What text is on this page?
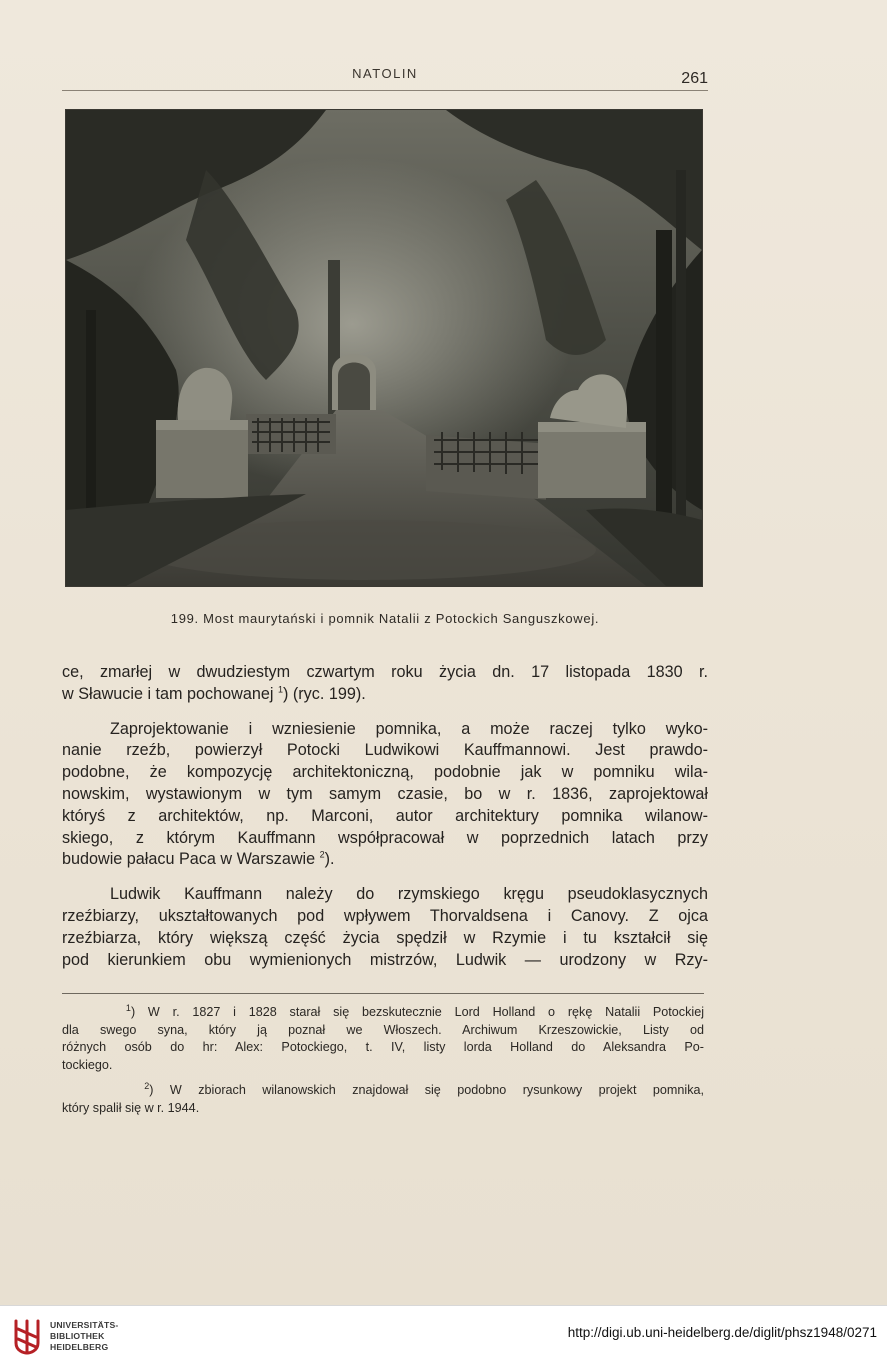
NATOLIN	261
199. Most maurytański i pomnik Natalii z Potockich Sanguszkowej.

ce, zmarłej w dwudziestym czwartym roku życia dn. 17 listopada 1830 r.

w Sławucie i tam pochowanej $^1$) (ryc. 199).

Zaprojektowanie i wzniesienie pomnika, a może raczej tylko wyko-

nanie rzeźb, powierzył Potocki Ludwikowi Kauffmannowi. Jest prawdo-

podobne, że kompozycję architektoniczną, podobnie jak w pomniku wila-

nowskim, wystawionym w tym samym czasie, bo w r. 1836, zaprojektował

któryś z architektów, np. Marconi, autor architektury pomnika wilanow-

skiego, z którym Kauffmann współpracował w poprzednich latach przy

budowie pałacu Paca w Warszawie $^2$).

Ludwik Kauffmann należy do rzymskiego kręgu pseudoklasycznych

rzeźbiarzy, ukształtowanych pod wpływem Thorvaldsena i Canovy. Z ojca

rzeźbiarza, który większą część życia spędził w Rzymie i tu kształcił się

pod kierunkiem obu wymienionych mistrzów, Ludwik — urodzony w Rzy-

$^1$) W r. 1827 i 1828 starał się bezskutecznie Lord Holland o rękę Natalii Potockiej

dla swego syna, który ją poznał we Włoszech. Archiwum Krzeszowickie, Listy od

różnych osób do hr: Alex: Potockiego, t. IV, listy lorda Holland do Aleksandra Po-

tockiego.

$^2$) W zbiorach wilanowskich znajdował się podobno rysunkowy projekt pomnika,

który spalił się w r. 1944.

UNIVERSITÄTS-
BIBLIOTHEK
HEIDELBERG
http://digi.ub.uni-heidelberg.de/diglit/phsz1948/0271
